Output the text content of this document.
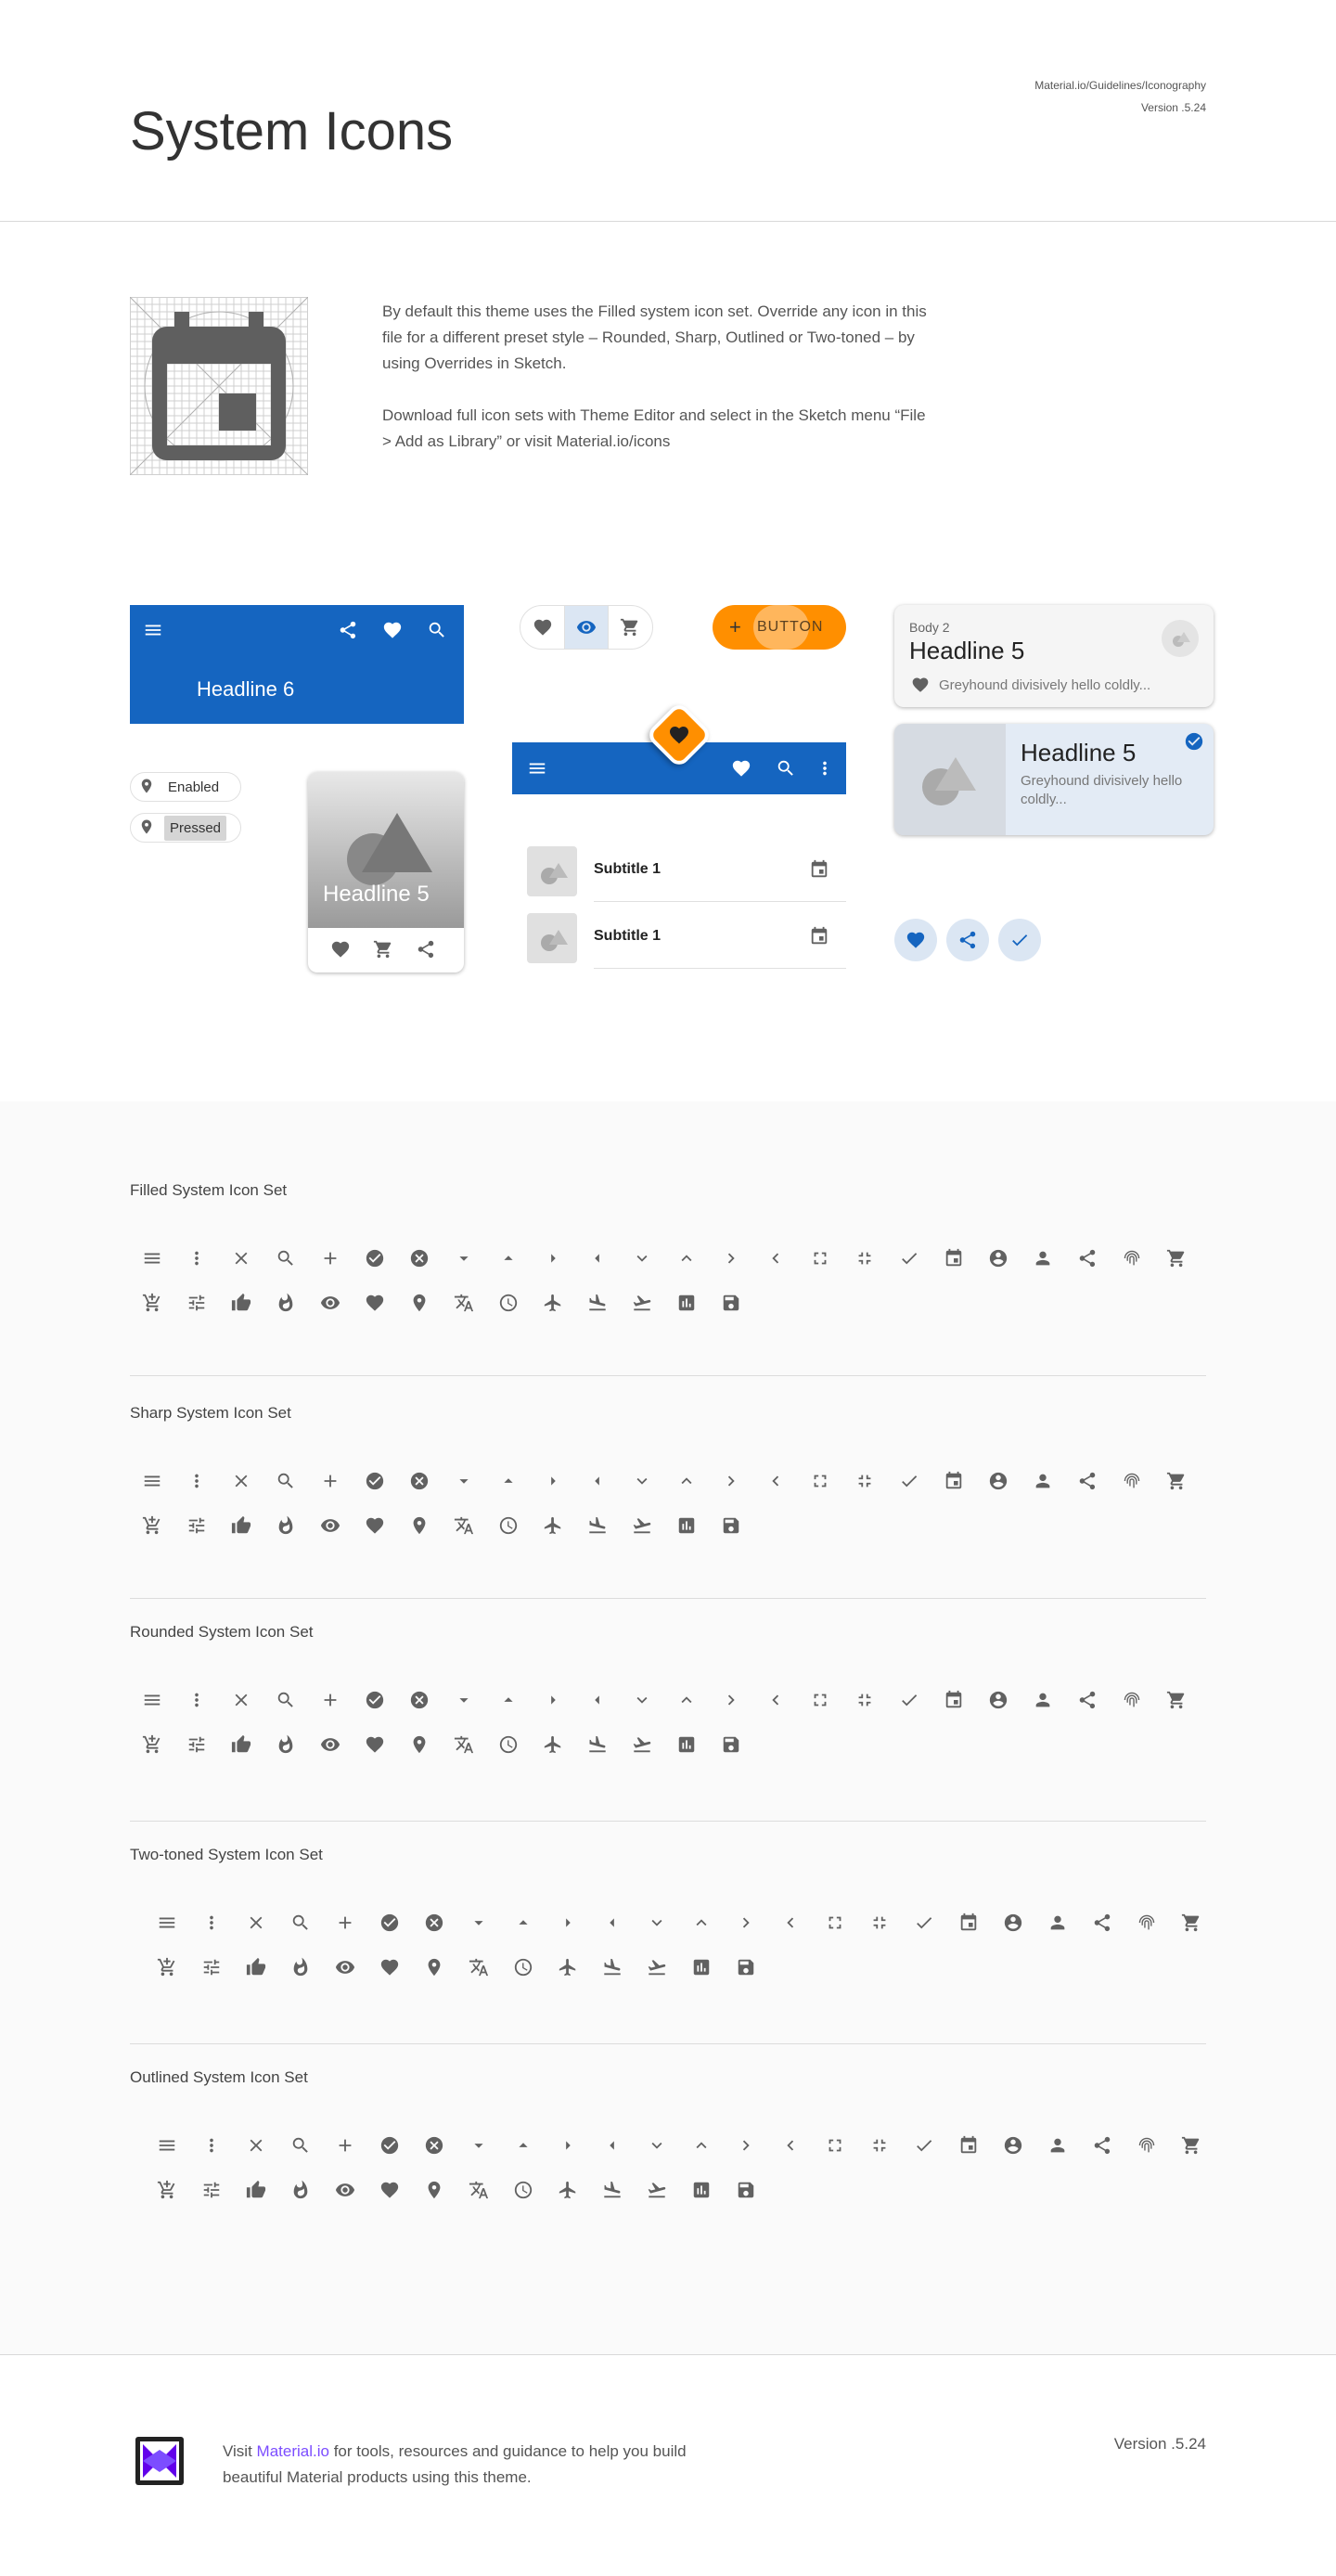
Material.io/Guidelines/Iconography
Version .5.24
System Icons

By default this theme uses the Filled system icon set. Override any icon in this file for a different preset style – Rounded, Sharp, Outlined or Two-toned – by using Overrides in Sketch.

Download full icon sets with Theme Editor and select in the Sketch menu “File > Add as Library” or visit Material.io/icons

Headline 6
Enabled
Pressed
Headline 5
+ BUTTON
Subtitle 1
Subtitle 1
Body 2
Headline 5
Greyhound divisively hello coldly...
Headline 5
Greyhound divisively hello coldly...
Filled System Icon Set
Sharp System Icon Set
Rounded System Icon Set
Two-toned System Icon Set
Outlined System Icon Set
Visit Material.io for tools, resources and guidance to help you build beautiful Material products using this theme.
Version .5.24
